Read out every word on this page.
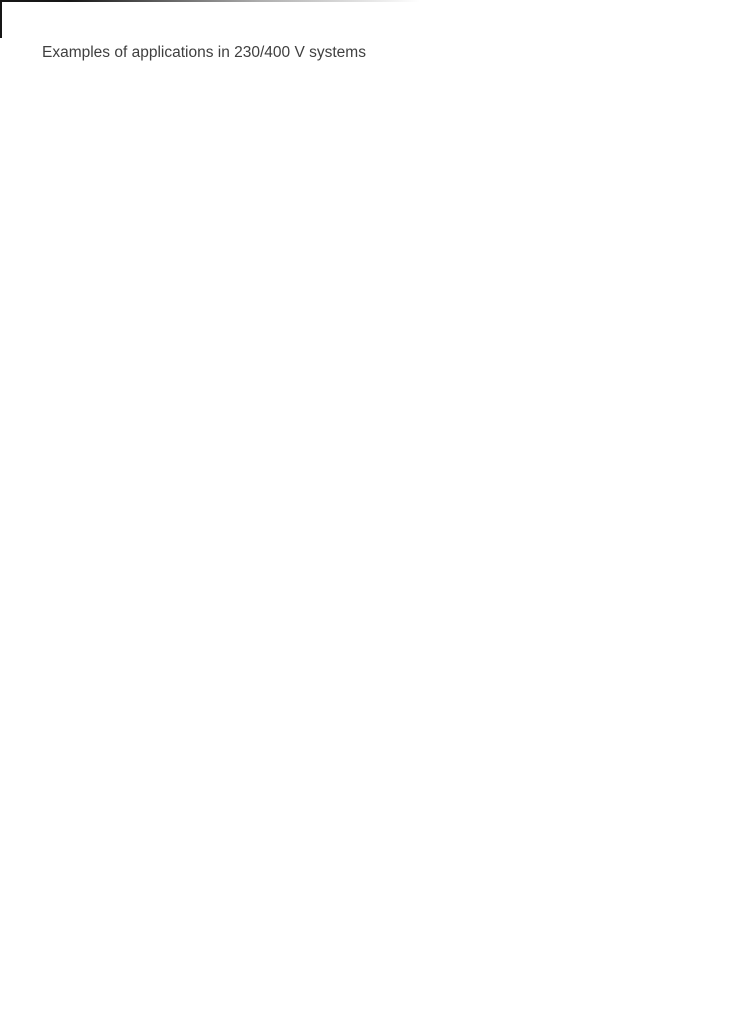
Examples of applications in 230/400 V systems
